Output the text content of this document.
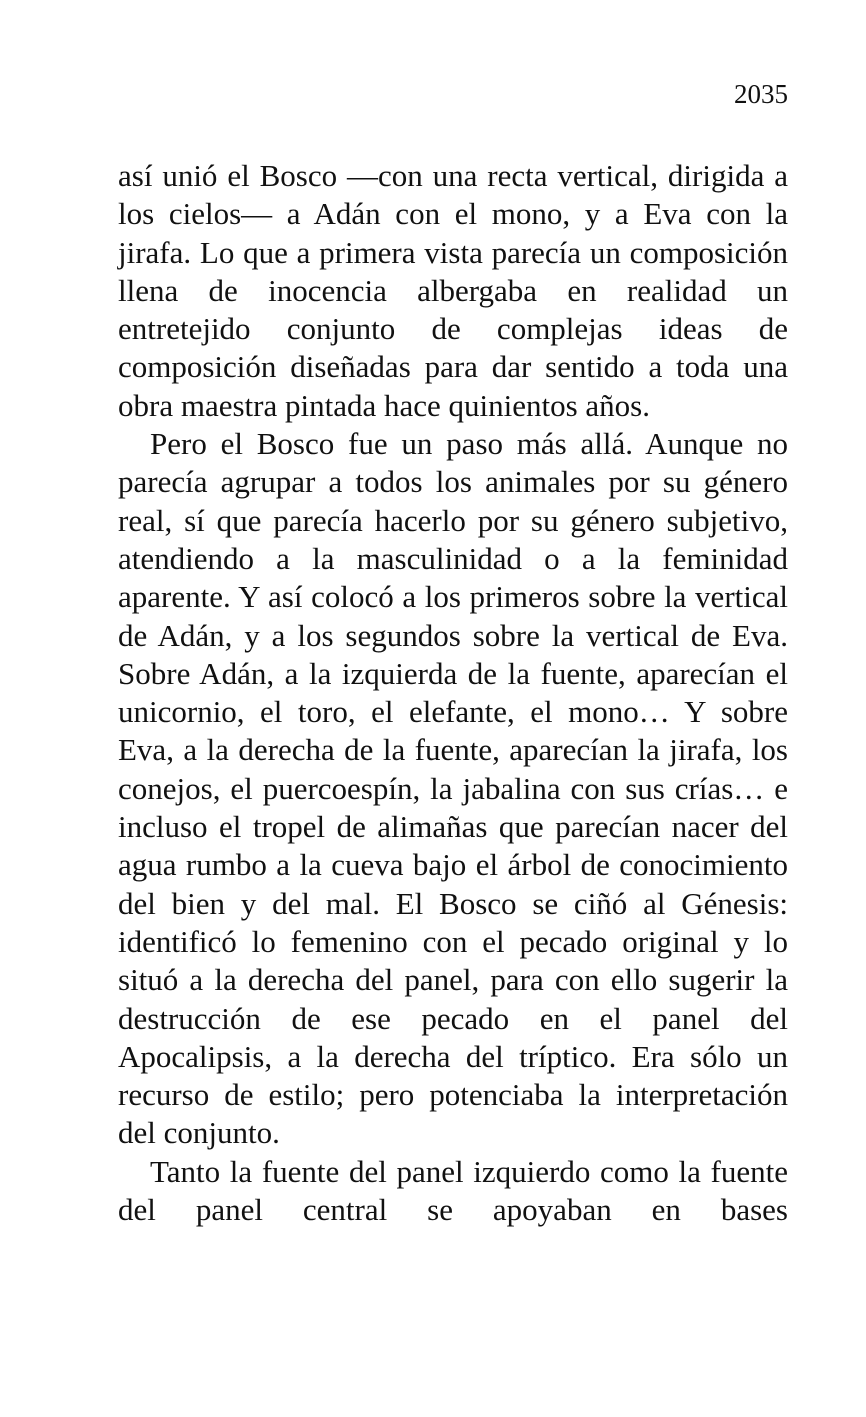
2035

así unió el Bosco —con una recta vertical, dirigida a los cielos— a Adán con el mono, y a Eva con la jirafa. Lo que a primera vista parecía un composición llena de inocencia albergaba en realidad un entretejido conjunto de complejas ideas de composición diseñadas para dar sentido a toda una obra maestra pintada hace quinientos años.

Pero el Bosco fue un paso más allá. Aunque no parecía agrupar a todos los animales por su género real, sí que parecía hacerlo por su género subjetivo, atendiendo a la masculinidad o a la feminidad aparente. Y así colocó a los primeros sobre la vertical de Adán, y a los segundos sobre la vertical de Eva. Sobre Adán, a la izquierda de la fuente, aparecían el unicornio, el toro, el elefante, el mono… Y sobre Eva, a la derecha de la fuente, aparecían la jirafa, los conejos, el puercoespín, la jabalina con sus crías… e incluso el tropel de alimañas que parecían nacer del agua rumbo a la cueva bajo el árbol de conocimiento del bien y del mal. El Bosco se ciñó al Génesis: identificó lo femenino con el pecado original y lo situó a la derecha del panel, para con ello sugerir la destrucción de ese pecado en el panel del Apocalipsis, a la derecha del tríptico. Era sólo un recurso de estilo; pero potenciaba la interpretación del conjunto.

Tanto la fuente del panel izquierdo como la fuente del panel central se apoyaban en bases
